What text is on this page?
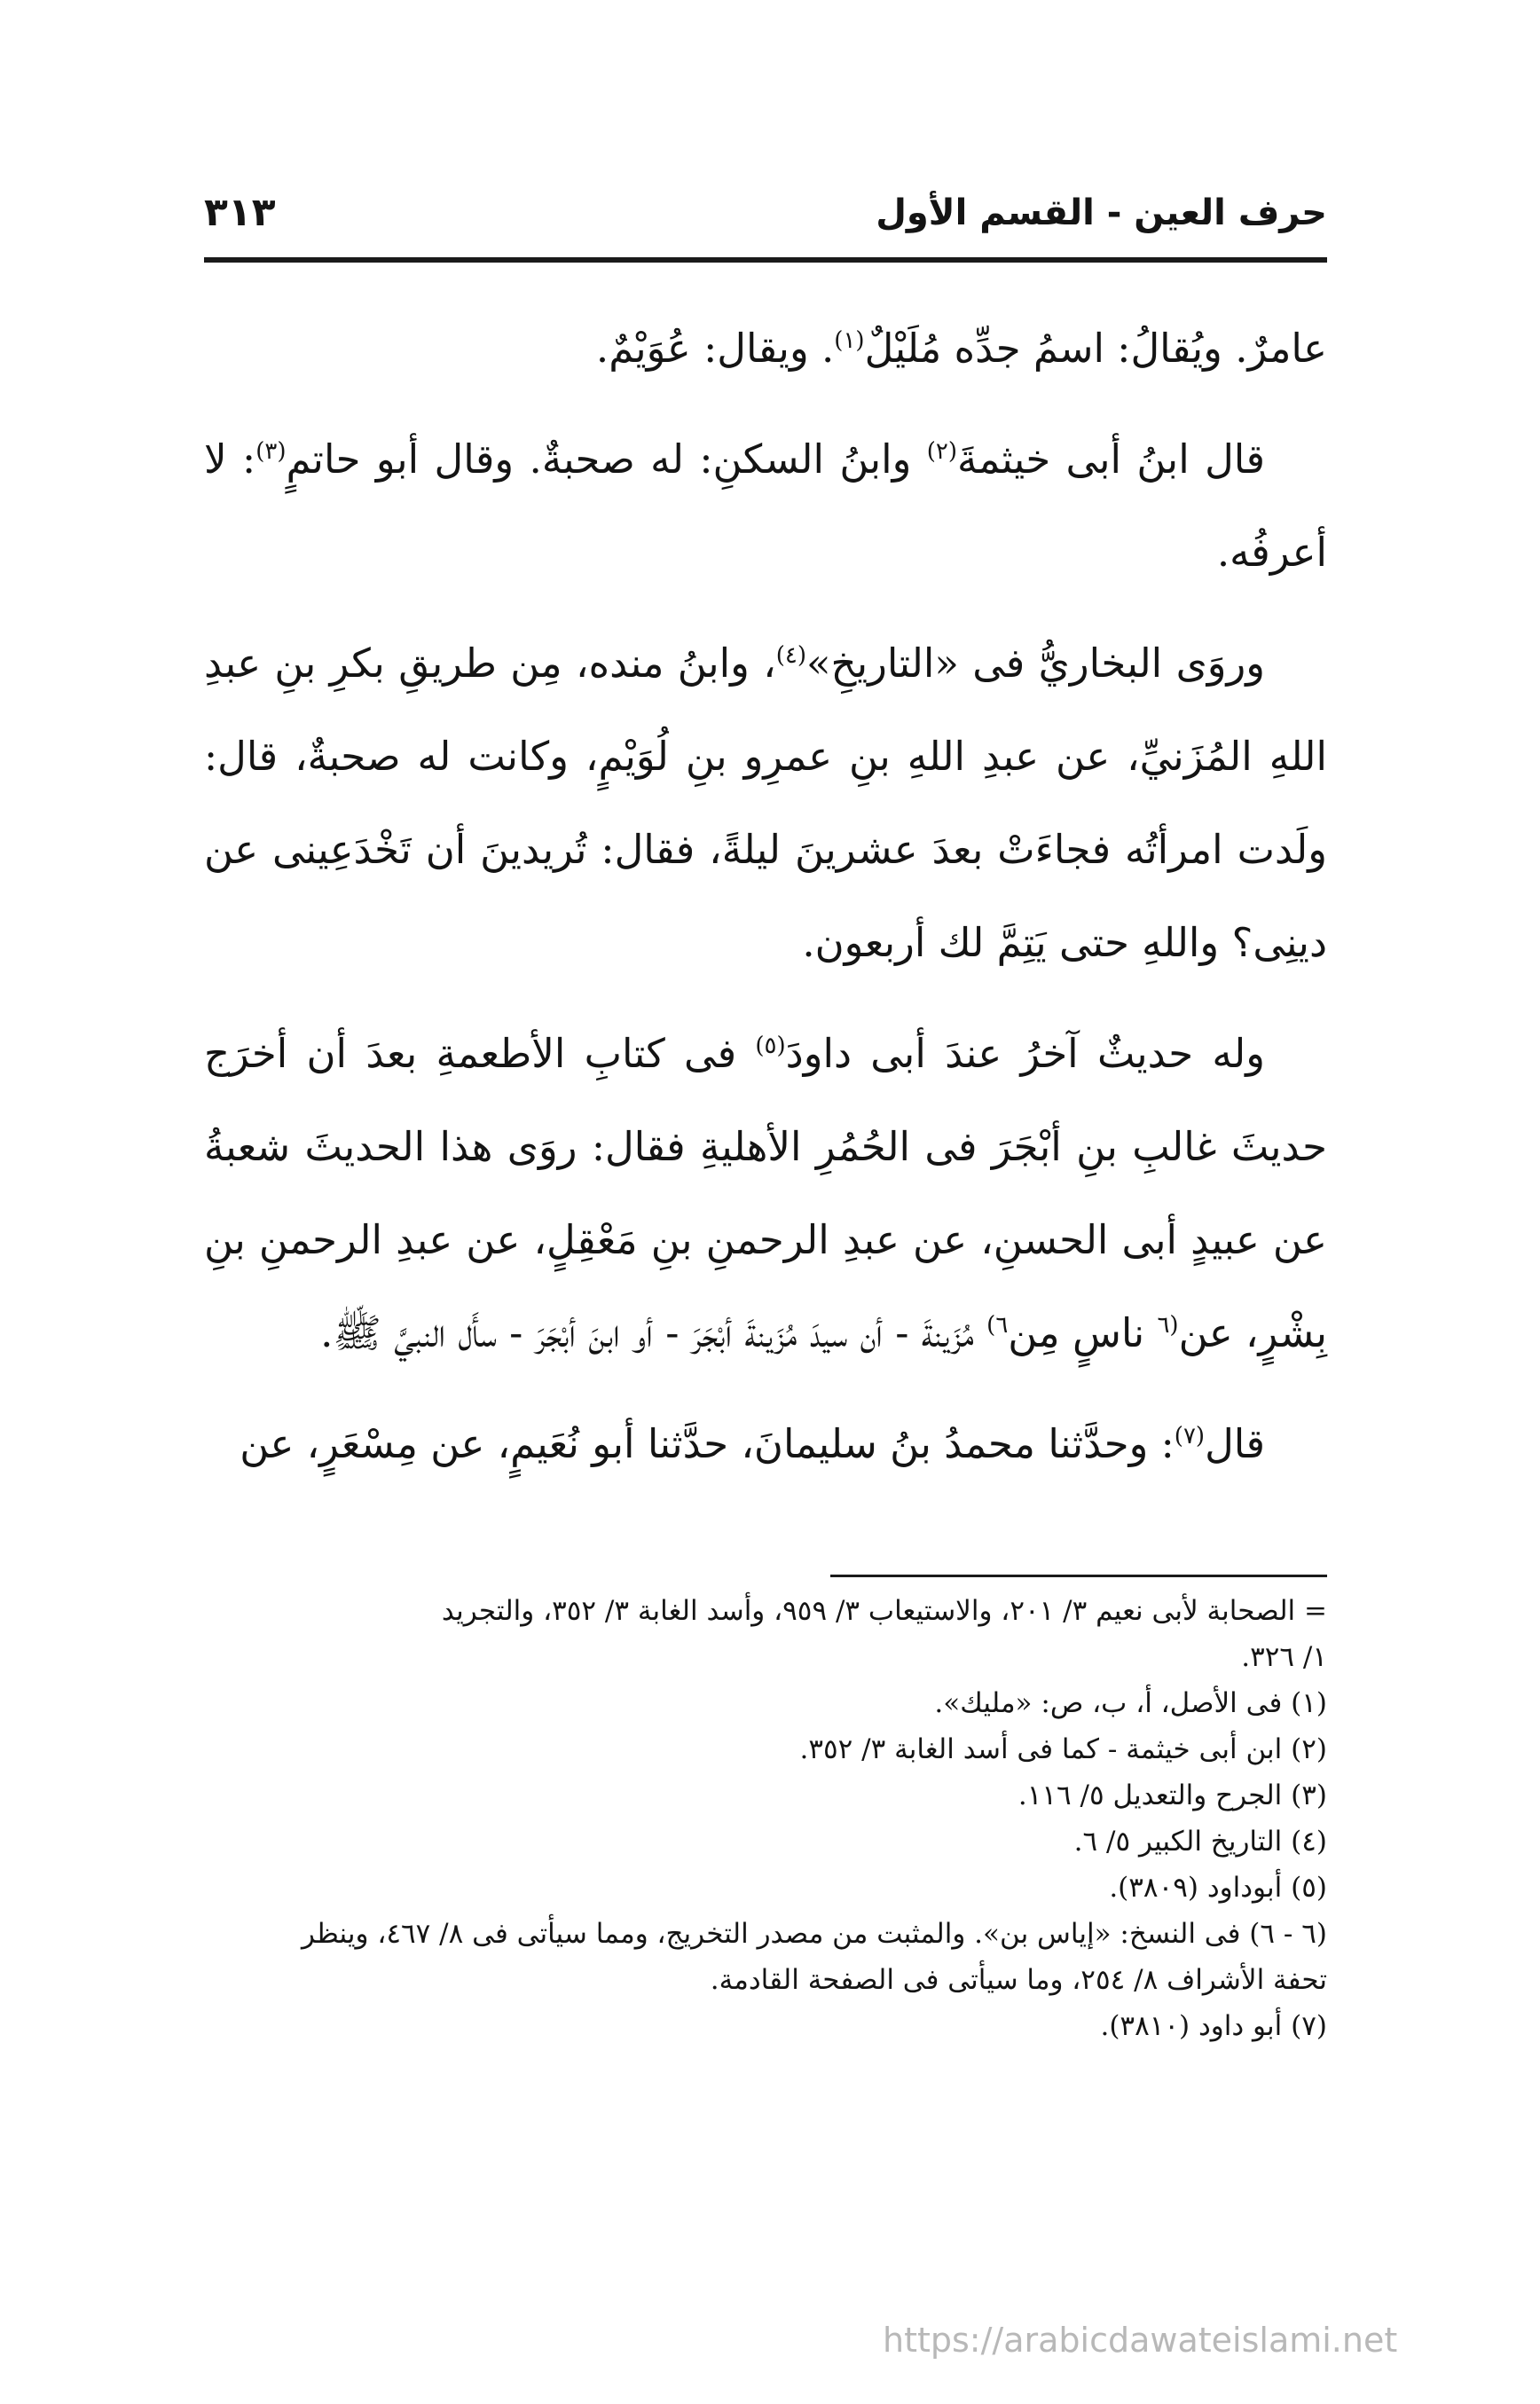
حرف العين - القسم الأول
٣١٣

عامرٌ. ويُقالُ: اسمُ جدِّه مُلَيْلٌ$^{(١)}$. ويقال: عُوَيْمٌ.

قال ابنُ أبى خيثمةَ$^{(٢)}$ وابنُ السكنِ: له صحبةٌ. وقال أبو حاتمٍ$^{(٣)}$: لا أعرفُه.

وروَى البخاريُّ فى «التاريخِ»$^{(٤)}$، وابنُ منده، مِن طريقِ بكرِ بنِ عبدِ اللهِ المُزَنيِّ، عن عبدِ اللهِ بنِ عمرِو بنِ لُوَيْمٍ، وكانت له صحبةٌ، قال: ولَدت امرأتُه فجاءَتْ بعدَ عشرينَ ليلةً، فقال: تُريدينَ أن تَخْدَعِينى عن دينِى؟ واللهِ حتى يَتِمَّ لك أربعون.

وله حديثٌ آخرُ عندَ أبى داودَ$^{(٥)}$ فى كتابِ الأطعمةِ بعدَ أن أخرَج حديثَ غالبِ بنِ أبْجَرَ فى الحُمُرِ الأهليةِ فقال: روَى هذا الحديثَ شعبةُ عن عبيدٍ أبى الحسنِ، عن عبدِ الرحمنِ بنِ مَعْقِلٍ، عن عبدِ الرحمنِ بنِ بِشْرٍ، عن$^{(٦}$ ناسٍ مِن$^{٦)}$ مُزَينةَ - أن سيدَ مُزَينةَ أبْجَرَ - أو ابنَ أبْجَرَ - سأَل النبيَّ ﷺ.

قال$^{(٧)}$: وحدَّثنا محمدُ بنُ سليمانَ، حدَّثنا أبو نُعَيمٍ، عن مِسْعَرٍ، عن

= الصحابة لأبى نعيم ٣/ ٢٠١، والاستيعاب ٣/ ٩٥٩، وأسد الغابة ٣/ ٣٥٢، والتجريد

١/ ٣٢٦.

(١) فى الأصل، أ، ب، ص: «مليك».

(٢) ابن أبى خيثمة - كما فى أسد الغابة ٣/ ٣٥٢.

(٣) الجرح والتعديل ٥/ ١١٦.

(٤) التاريخ الكبير ٥/ ٦.

(٥) أبوداود (٣٨٠٩).

(٦ - ٦) فى النسخ: «إياس بن». والمثبت من مصدر التخريج، ومما سيأتى فى ٨/ ٤٦٧، وينظر

تحفة الأشراف ٨/ ٢٥٤، وما سيأتى فى الصفحة القادمة.

(٧) أبو داود (٣٨١٠).

https://arabicdawateislami.net
